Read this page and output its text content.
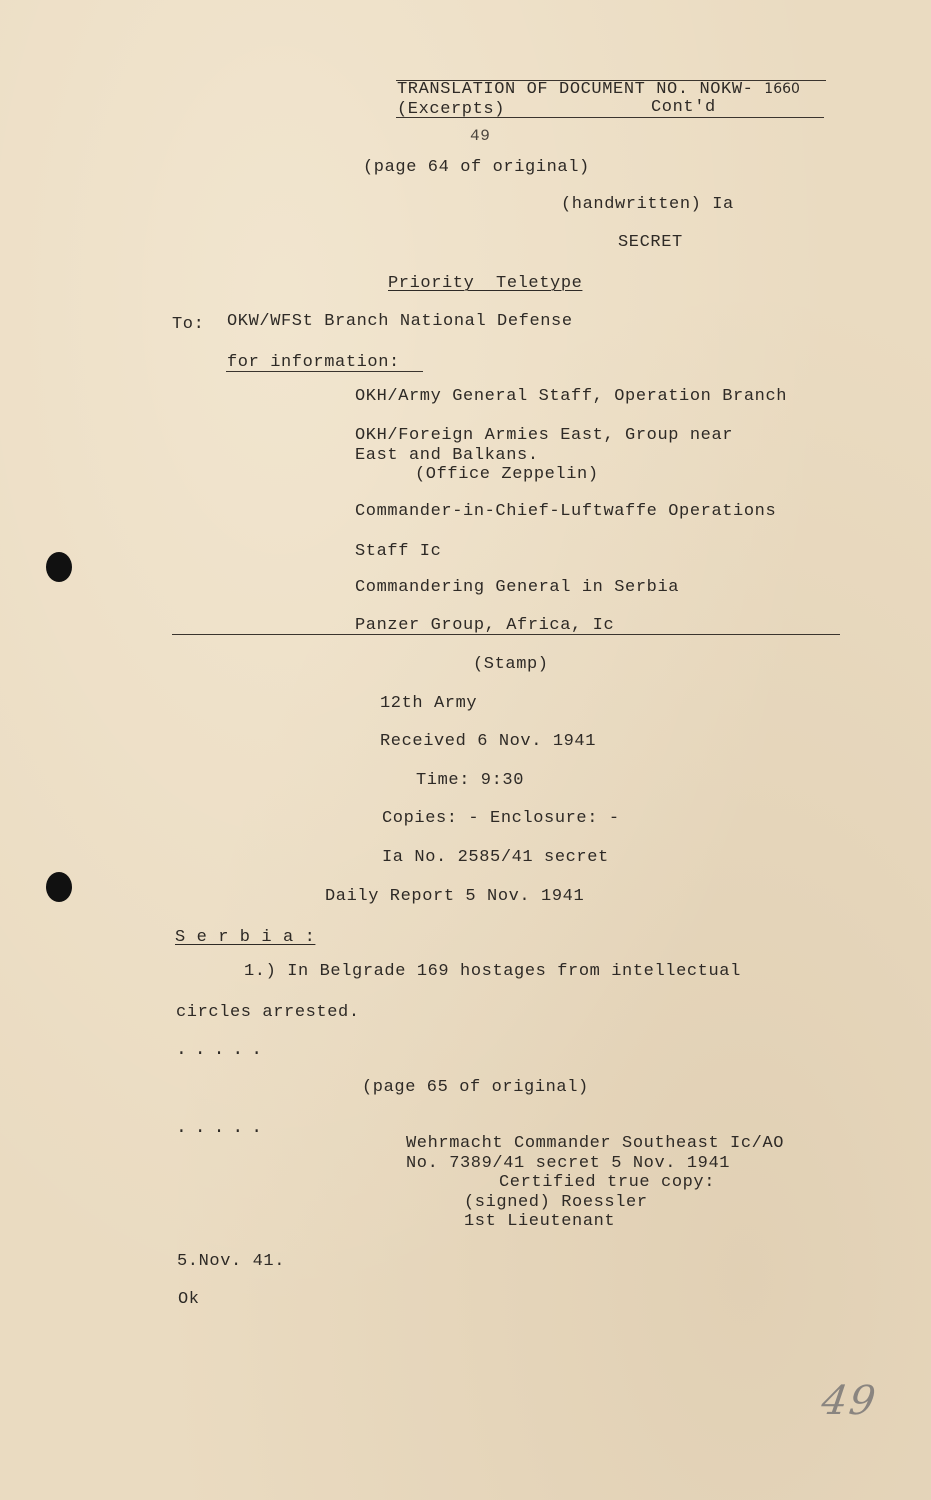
TRANSLATION OF DOCUMENT NO. NOKW- 1660
(Excerpts)	Cont'd
49
(page 64 of original)
(handwritten) Ia
SECRET
Priority  Teletype
To: OKW/WFSt Branch National Defense
for information:
OKH/Army General Staff, Operation Branch
OKH/Foreign Armies East, Group near
East and Balkans.
(Office Zeppelin)
Commander-in-Chief-Luftwaffe Operations
Staff Ic
Commandering General in Serbia
Panzer Group, Africa, Ic
(Stamp)
12th Army
Received 6 Nov. 1941
Time: 9:30
Copies: - Enclosure: -
Ia No. 2585/41 secret
Daily Report 5 Nov. 1941
S e r b i a :
1.) In Belgrade 169 hostages from intellectual
circles arrested.
.....
(page 65 of original)
.....
Wehrmacht Commander Southeast Ic/AO
No. 7389/41 secret 5 Nov. 1941
Certified true copy:
(signed) Roessler
1st Lieutenant
5.Nov. 41.
Ok
49
